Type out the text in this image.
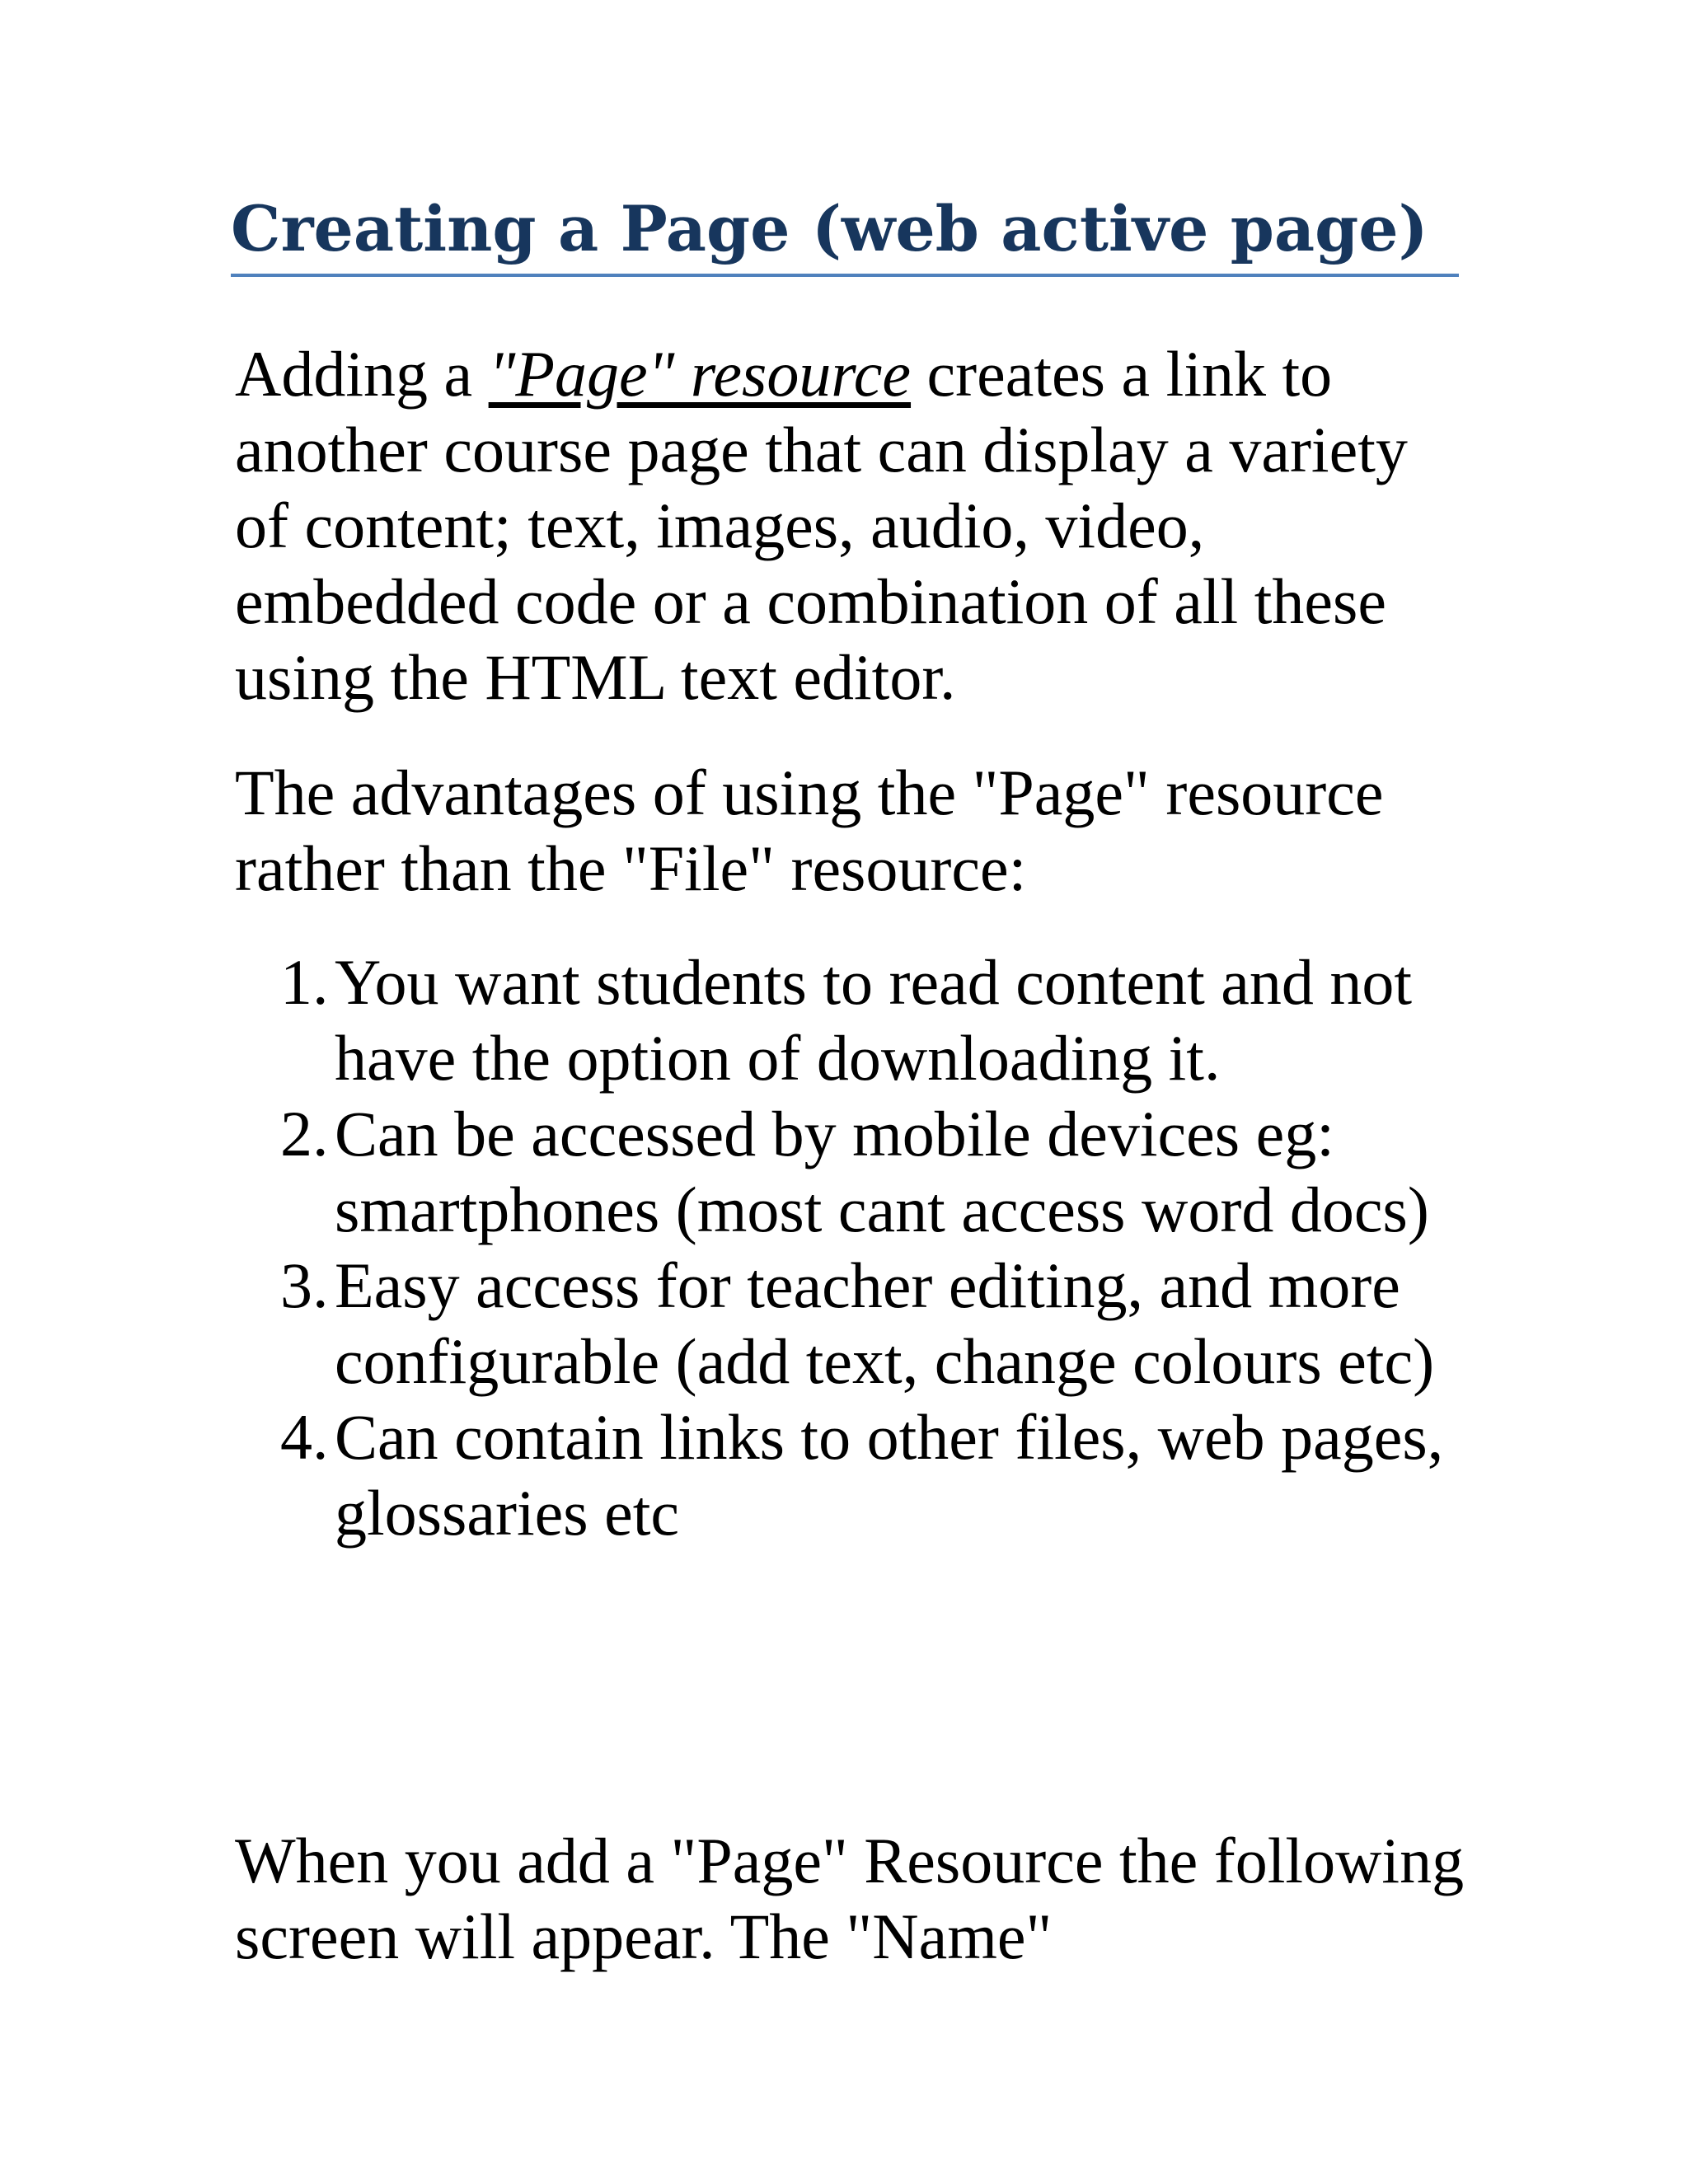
Creating a Page (web active page)

Adding a "Page" resource creates a link to another course page that can display a variety of content; text, images, audio, video, embedded code or a combination of all these using the HTML text editor.

The advantages of using the "Page" resource rather than the "File" resource:

1. You want students to read content and not have the option of downloading it.
2. Can be accessed by mobile devices eg: smartphones (most cant access word docs)
3. Easy access for teacher editing, and more configurable (add text, change colours etc)
4. Can contain links to other files, web pages, glossaries etc

When you add a "Page" Resource the following screen will appear. The "Name"
